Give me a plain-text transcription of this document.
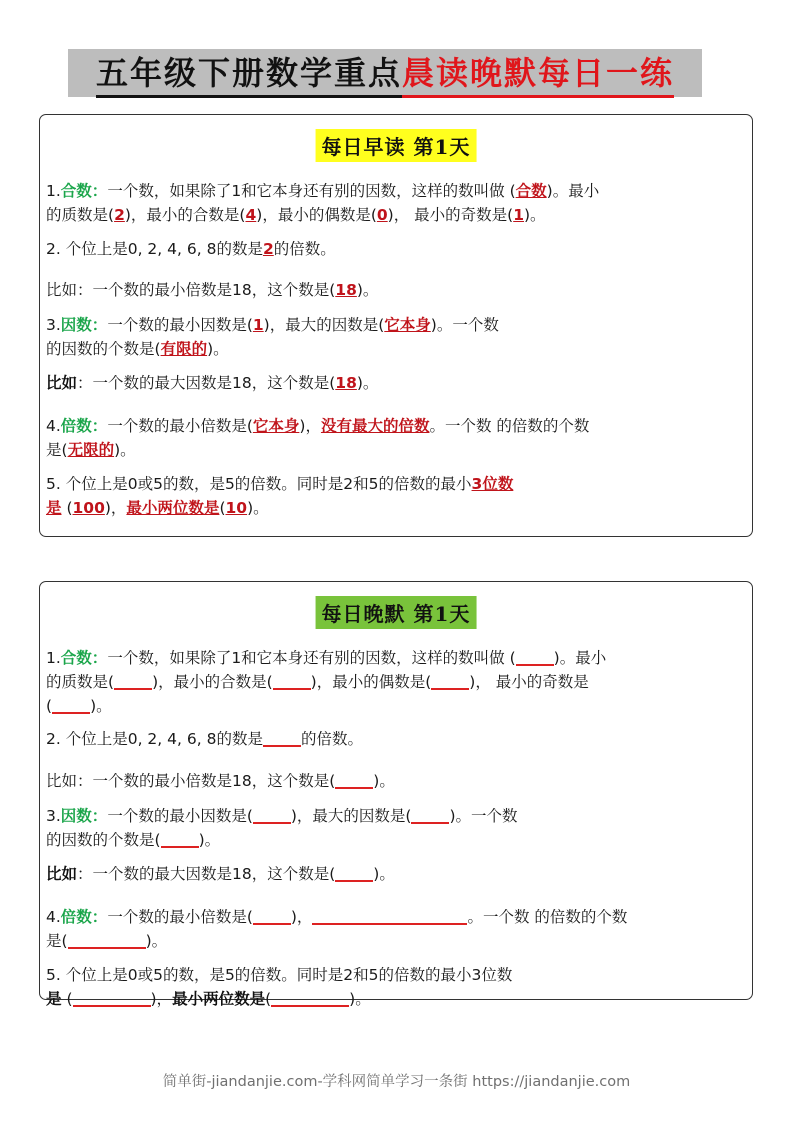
五年级下册数学重点 晨读晚默每日一练
每日早读 第1天
1.合数：一个数，如果除了1和它本身还有别的因数，这样的数叫做 (合数)。最小
的质数是(2)，最小的合数是(4)，最小的偶数是(0)， 最小的奇数是(1)。
2. 个位上是0, 2, 4, 6, 8的数是2的倍数。
比如：一个数的最小倍数是18，这个数是(18)。
3.因数：一个数的最小因数是(1)，最大的因数是(它本身)。一个数
的因数的个数是(有限的)。
比如：一个数的最大因数是18，这个数是(18)。
4.倍数：一个数的最小倍数是(它本身)，没有最大的倍数。一个数 的倍数的个数
是(无限的)。
5. 个位上是0或5的数，是5的倍数。同时是2和5的倍数的最小3位数
是 (100)，最小两位数是(10)。
每日晚默 第1天
1.合数：一个数，如果除了1和它本身还有别的因数，这样的数叫做 ( )。最小
的质数是( )，最小的合数是( )，最小的偶数是( )， 最小的奇数是
( )。
2. 个位上是0, 2, 4, 6, 8的数是 的倍数。
比如：一个数的最小倍数是18，这个数是( )。
3.因数：一个数的最小因数是( )，最大的因数是( )。一个数
的因数的个数是( )。
比如：一个数的最大因数是18，这个数是( )。
4.倍数：一个数的最小倍数是( )，	。一个数 的倍数的个数
是(	)。
5. 个位上是0或5的数，是5的倍数。同时是2和5的倍数的最小3位数
是 (	)，最小两位数是(	)。
简单街-jiandanjie.com-学科网简单学习一条街 https://jiandanjie.com
